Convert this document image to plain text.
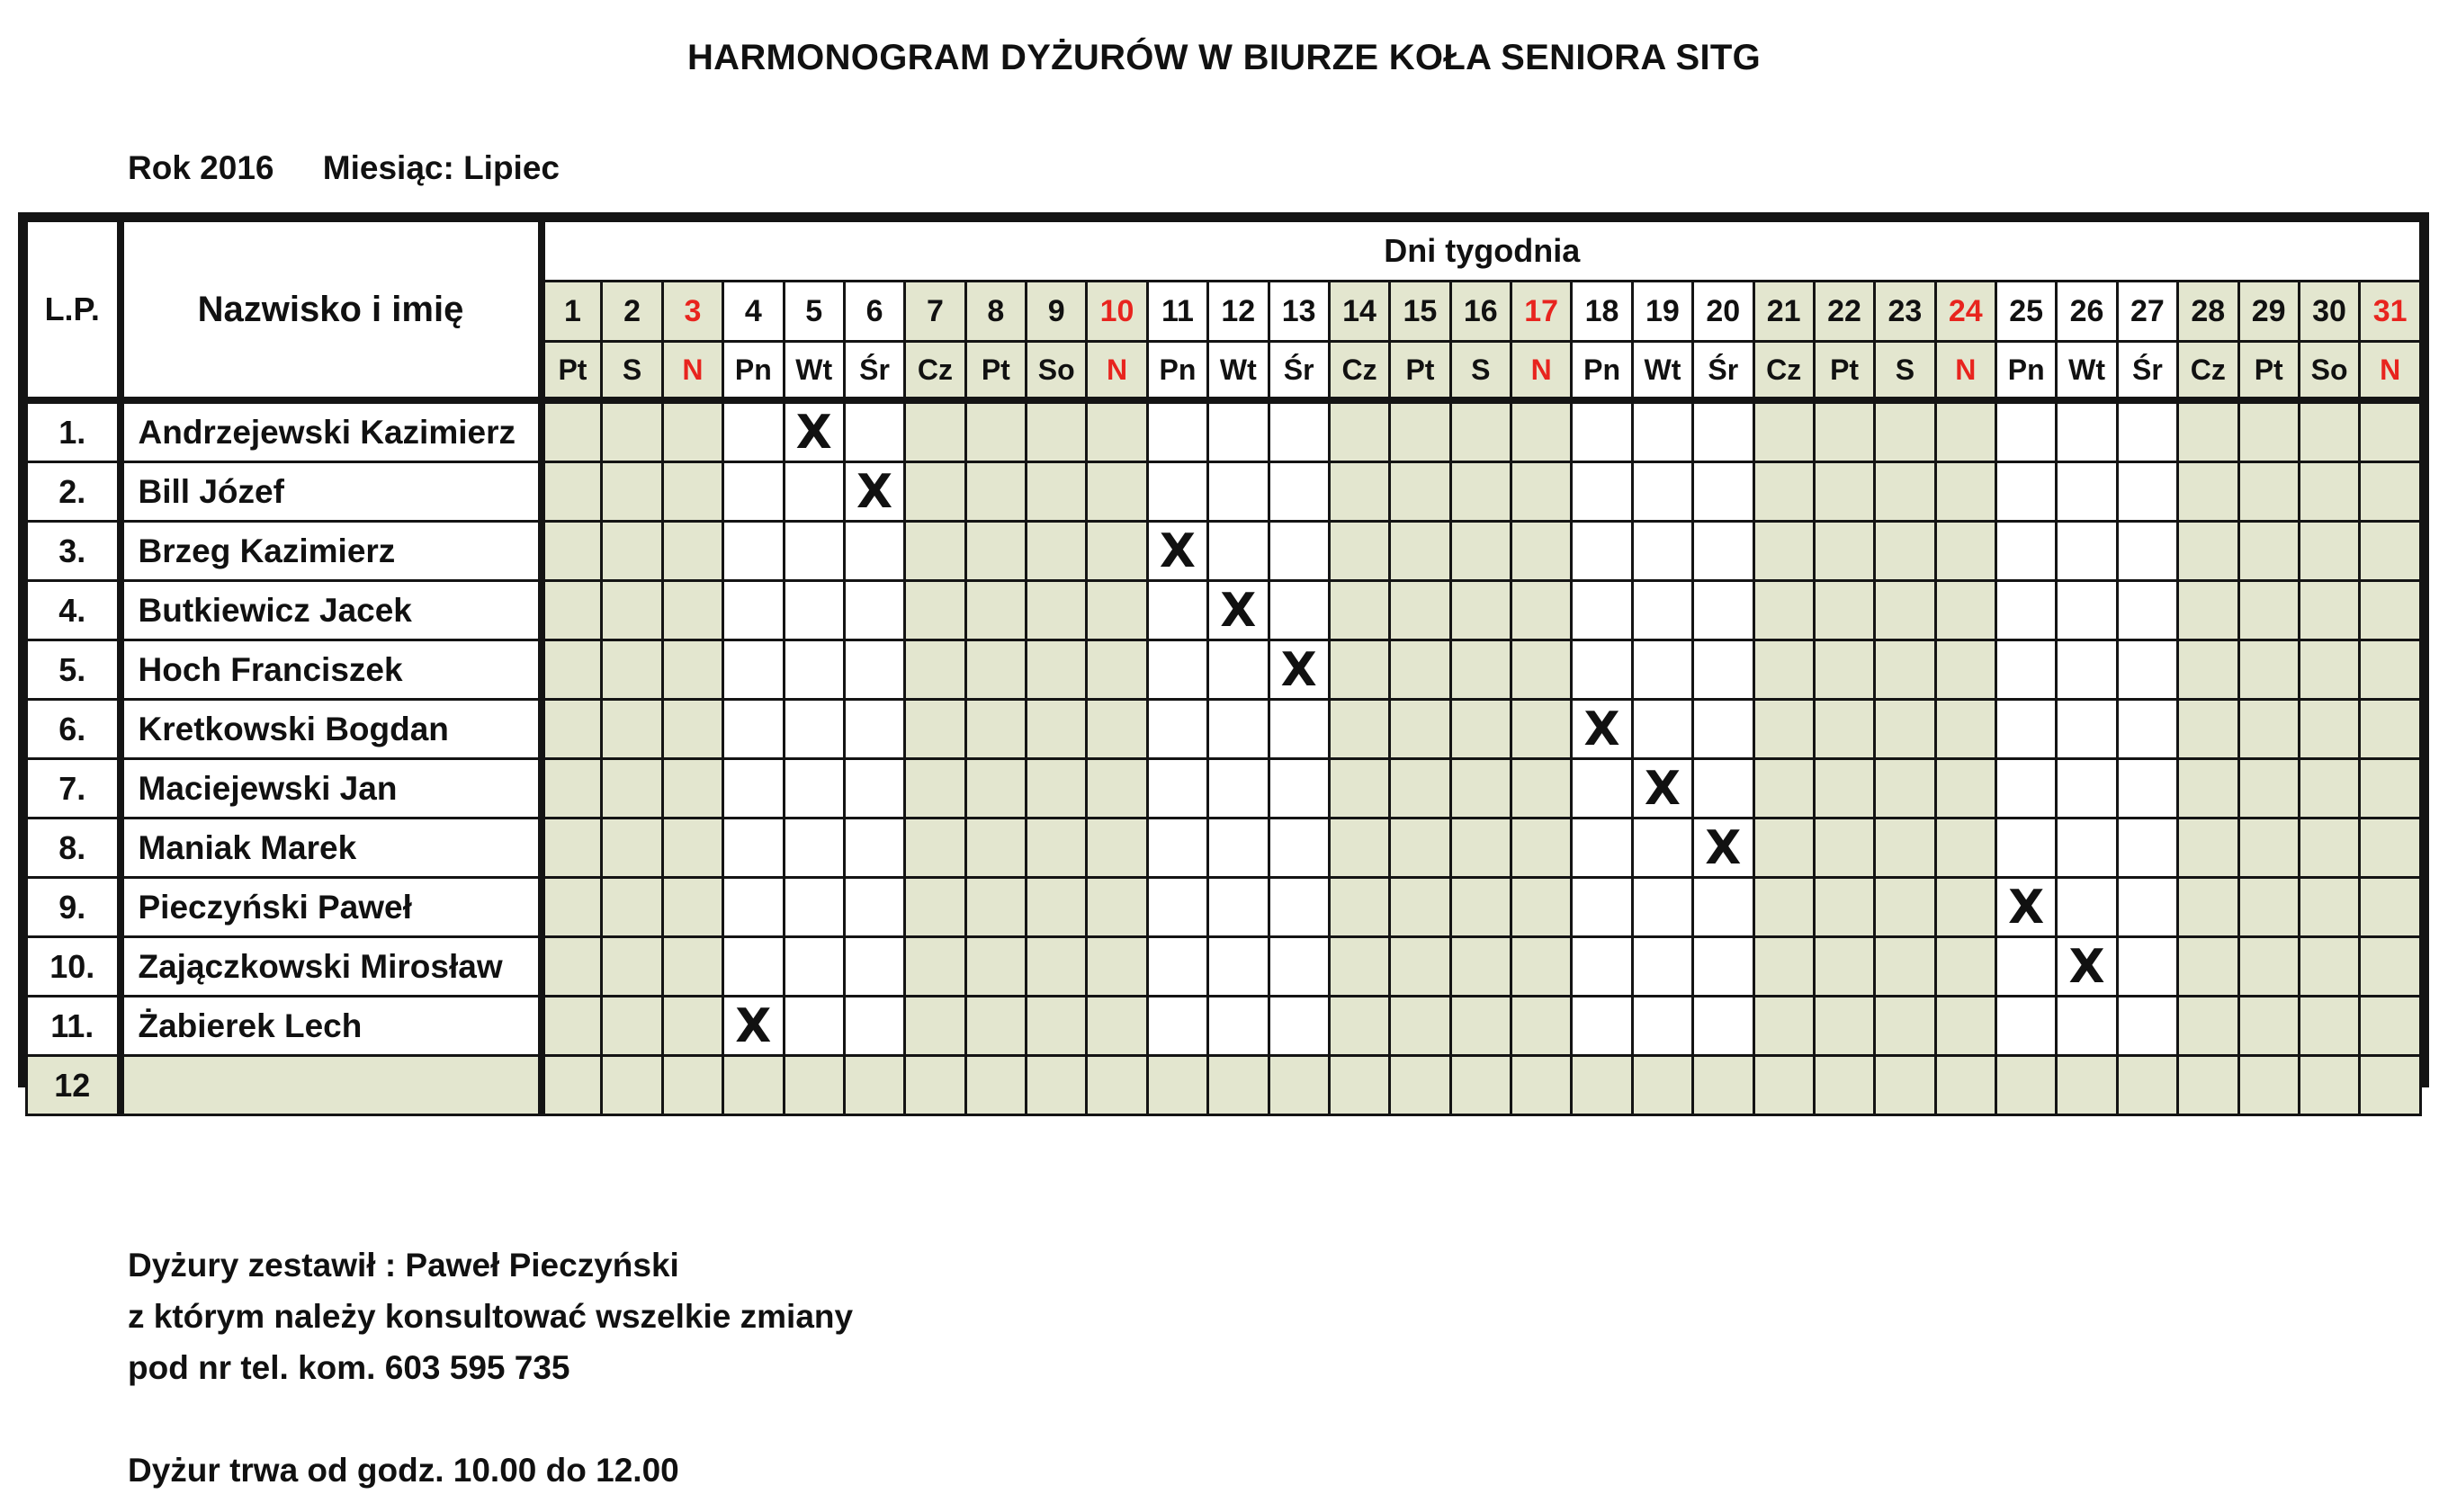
HARMONOGRAM DYŻURÓW W BIURZE KOŁA SENIORA SITG
Rok 2016 Miesiąc: Lipiec
L.P.	Nazwisko i imię	Dni tygodnia																														
		1	2	3	4	5	6	7	8	9	10	11	12	13	14	15	16	17	18	19	20	21	22	23	24	25	26	27	28	29	30	31
		Pt	S	N	Pn	Wt	Śr	Cz	Pt	So	N	Pn	Wt	Śr	Cz	Pt	S	N	Pn	Wt	Śr	Cz	Pt	S	N	Pn	Wt	Śr	Cz	Pt	So	N
1.	Andrzejewski Kazimierz					X																										
2.	Bill Józef						X																									
3.	Brzeg Kazimierz											X																				
4.	Butkiewicz Jacek												X																			
5.	Hoch Franciszek													X																		
6.	Kretkowski Bogdan																		X													
7.	Maciejewski Jan																			X												
8.	Maniak Marek																				X											
9.	Pieczyński Paweł																									X						
10.	Zajączkowski Mirosław																										X					
11.	Żabierek Lech				X																											
12																																
Dyżury zestawił : Paweł Pieczyński
z którym należy konsultować wszelkie zmiany
pod nr tel. kom. 603 595 735
Dyżur trwa od godz. 10.00 do 12.00
